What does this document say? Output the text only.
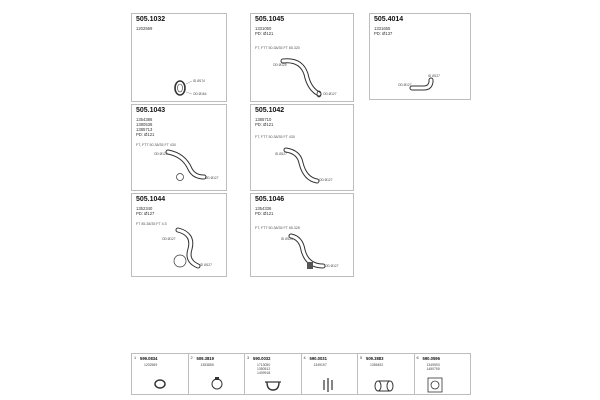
505.1032
1202569
ID Ø174
OD Ø164
505.1045
1331050
PD: Ø121
FT, FTT 50.38/35 FT 65.320
OD Ø125
OD Ø127
505.4014
1331655
PD: Ø137
OD Ø127
ID Ø127
505.1043
1354386
1380538
1385713
PD: Ø121
FT, FTT 50.38/35 FT 430
OD Ø125
OD Ø127
505.1042
1385710
PD: Ø121
FT, FTT 50.38/35 FT 430
ID Ø127
OD Ø127
505.1044
1352340
PD: Ø127
FT 85.38/35 FT 4.5
OD Ø127
ID Ø127
505.1046
1354336
PD: Ø121
FT, FTT 50.38/35 FT 65.328
ID Ø125
OD Ø127
1 599.0834
1202569
2 509.3819
1353855
3 590.0032
1713050
1350512
1409918
4 590.0031
1349197
5 509.3883
1355452
6 590.0596
1349593
1450755
